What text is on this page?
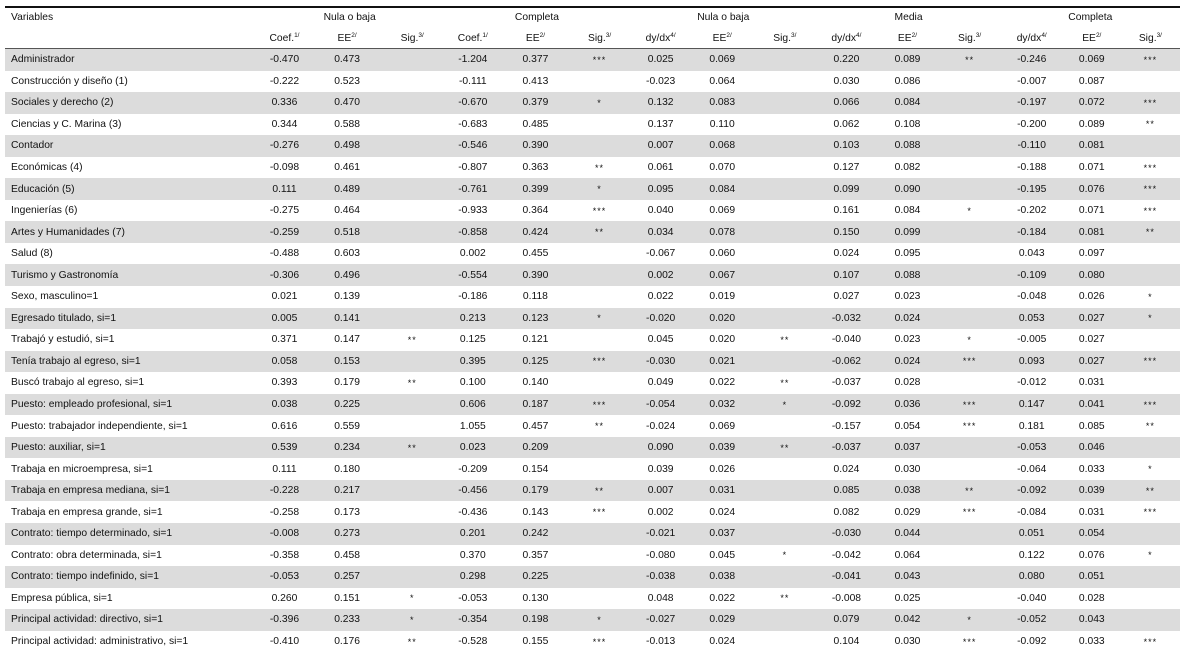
Variables	Nula o baja			Completa			Nula o baja			Media			Completa		
	Coef.$^{1/}$	$EE^{2/}$	Sig.$^{3/}$	Coef.$^{1/}$	$EE^{2/}$	Sig.$^{3/}$	$dy/dx^{4/}$	$EE^{2/}$	Sig.$^{3/}$	$dy/dx^{4/}$	$EE^{2/}$	Sig.$^{3/}$	$dy/dx^{4/}$	$EE^{2/}$	Sig.$^{3/}$
Administrador	-0.470	0.473		-1.204	0.377	***	0.025	0.069		0.220	0.089	**	-0.246	0.069	***
Construcción y diseño (1)	-0.222	0.523		-0.111	0.413		-0.023	0.064		0.030	0.086		-0.007	0.087	
Sociales y derecho (2)	0.336	0.470		-0.670	0.379	*	0.132	0.083		0.066	0.084		-0.197	0.072	***
Ciencias y C. Marina (3)	0.344	0.588		-0.683	0.485		0.137	0.110		0.062	0.108		-0.200	0.089	**
Contador	-0.276	0.498		-0.546	0.390		0.007	0.068		0.103	0.088		-0.110	0.081	
Económicas (4)	-0.098	0.461		-0.807	0.363	**	0.061	0.070		0.127	0.082		-0.188	0.071	***
Educación (5)	0.111	0.489		-0.761	0.399	*	0.095	0.084		0.099	0.090		-0.195	0.076	***
Ingenierías (6)	-0.275	0.464		-0.933	0.364	***	0.040	0.069		0.161	0.084	*	-0.202	0.071	***
Artes y Humanidades (7)	-0.259	0.518		-0.858	0.424	**	0.034	0.078		0.150	0.099		-0.184	0.081	**
Salud (8)	-0.488	0.603		0.002	0.455		-0.067	0.060		0.024	0.095		0.043	0.097	
Turismo y Gastronomía	-0.306	0.496		-0.554	0.390		0.002	0.067		0.107	0.088		-0.109	0.080	
Sexo, masculino=1	0.021	0.139		-0.186	0.118		0.022	0.019		0.027	0.023		-0.048	0.026	*
Egresado titulado, si=1	0.005	0.141		0.213	0.123	*	-0.020	0.020		-0.032	0.024		0.053	0.027	*
Trabajó y estudió, si=1	0.371	0.147	**	0.125	0.121		0.045	0.020	**	-0.040	0.023	*	-0.005	0.027	
Tenía trabajo al egreso, si=1	0.058	0.153		0.395	0.125	***	-0.030	0.021		-0.062	0.024	***	0.093	0.027	***
Buscó trabajo al egreso, si=1	0.393	0.179	**	0.100	0.140		0.049	0.022	**	-0.037	0.028		-0.012	0.031	
Puesto: empleado profesional, si=1	0.038	0.225		0.606	0.187	***	-0.054	0.032	*	-0.092	0.036	***	0.147	0.041	***
Puesto: trabajador independiente, si=1	0.616	0.559		1.055	0.457	**	-0.024	0.069		-0.157	0.054	***	0.181	0.085	**
Puesto: auxiliar, si=1	0.539	0.234	**	0.023	0.209		0.090	0.039	**	-0.037	0.037		-0.053	0.046	
Trabaja en microempresa, si=1	0.111	0.180		-0.209	0.154		0.039	0.026		0.024	0.030		-0.064	0.033	*
Trabaja en empresa mediana, si=1	-0.228	0.217		-0.456	0.179	**	0.007	0.031		0.085	0.038	**	-0.092	0.039	**
Trabaja en empresa grande, si=1	-0.258	0.173		-0.436	0.143	***	0.002	0.024		0.082	0.029	***	-0.084	0.031	***
Contrato: tiempo determinado, si=1	-0.008	0.273		0.201	0.242		-0.021	0.037		-0.030	0.044		0.051	0.054	
Contrato: obra determinada, si=1	-0.358	0.458		0.370	0.357		-0.080	0.045	*	-0.042	0.064		0.122	0.076	*
Contrato: tiempo indefinido, si=1	-0.053	0.257		0.298	0.225		-0.038	0.038		-0.041	0.043		0.080	0.051	
Empresa pública, si=1	0.260	0.151	*	-0.053	0.130		0.048	0.022	**	-0.008	0.025		-0.040	0.028	
Principal actividad: directivo, si=1	-0.396	0.233	*	-0.354	0.198	*	-0.027	0.029		0.079	0.042	*	-0.052	0.043	
Principal actividad: administrativo, si=1	-0.410	0.176	**	-0.528	0.155	***	-0.013	0.024		0.104	0.030	***	-0.092	0.033	***
